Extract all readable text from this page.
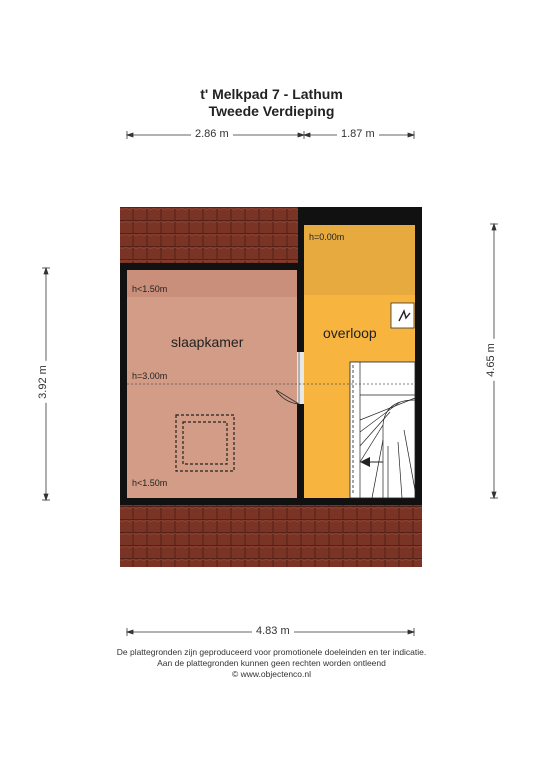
t' Melkpad 7 - Lathum
Tweede Verdieping
slaapkamer
overloop
h=0.00m
h<1.50m
h=3.00m
h<1.50m
2.86 m	1.87 m
3.92 m
4.65 m
4.83 m
De plattegronden zijn geproduceerd voor promotionele doeleinden en ter indicatie.
Aan de plattegronden kunnen geen rechten worden ontleend
© www.objectenco.nl
